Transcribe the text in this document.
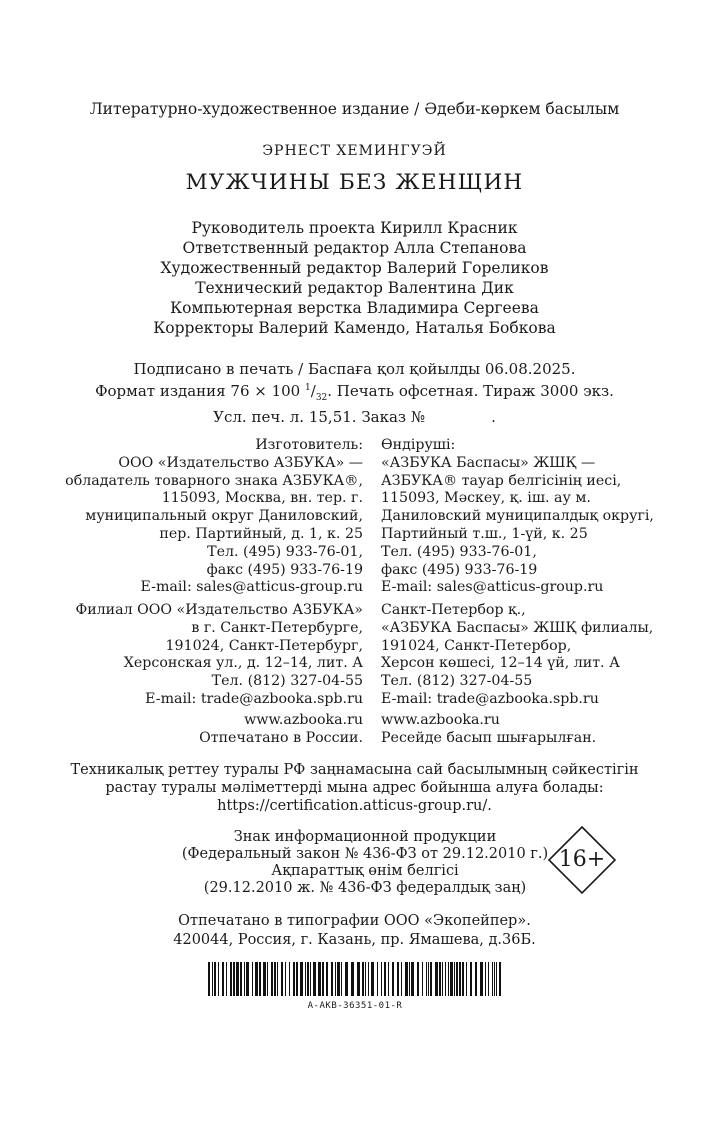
Литературно-художественное издание / Әдеби-көркем басылым
ЭРНЕСТ ХЕМИНГУЭЙ
МУЖЧИНЫ БЕЗ ЖЕНЩИН
Руководитель проекта Кирилл Красник
Ответственный редактор Алла Степанова
Художественный редактор Валерий Гореликов
Технический редактор Валентина Дик
Компьютерная верстка Владимира Сергеева
Корректоры Валерий Камендо, Наталья Бобкова
Подписано в печать / Баспаға қол қойылды 06.08.2025.
Формат издания 76 × 100 $^1/_{32}$. Печать офсетная. Тираж 3000 экз.
Усл. печ. л. 15,51. Заказ №	.
Изготовитель:
ООО «Издательство АЗБУКА» —
обладатель товарного знака АЗБУКА®,
115093, Москва, вн. тер. г.
муниципальный округ Даниловский,
пер. Партийный, д. 1, к. 25
Тел. (495) 933-76-01,
факс (495) 933-76-19
E-mail: sales@atticus-group.ru
Өндіруші:
«АЗБУКА Баспасы» ЖШҚ —
АЗБУКА® тауар белгісінің иесі,
115093, Мәскеу, қ. іш. ау м.
Даниловский муниципалдық округі,
Партийный т.ш., 1-үй, к. 25
Тел. (495) 933-76-01,
факс (495) 933-76-19
E-mail: sales@atticus-group.ru
Филиал ООО «Издательство АЗБУКА»
в г. Санкт-Петербурге,
191024, Санкт-Петербург,
Херсонская ул., д. 12–14, лит. А
Тел. (812) 327-04-55
E-mail: trade@azbooka.spb.ru
Санкт-Петербор қ.,
«АЗБУКА Баспасы» ЖШҚ филиалы,
191024, Санкт-Петербор,
Херсон көшесі, 12–14 үй, лит. А
Тел. (812) 327-04-55
E-mail: trade@azbooka.spb.ru
www.azbooka.ru
Отпечатано в России.
www.azbooka.ru
Ресейде басып шығарылған.
Техникалық реттеу туралы РФ заңнамасына сай басылымның сәйкестігін
растау туралы мәліметтерді мына адрес бойынша алуға болады:
https://certification.atticus-group.ru/.
Знак информационной продукции
(Федеральный закон № 436-ФЗ от 29.12.2010 г.)
Ақпараттық өнім белгісі
(29.12.2010 ж. № 436-ФЗ федералдық заң)
16+
Отпечатано в типографии ООО «Экопейпер».
420044, Россия, г. Казань, пр. Ямашева, д.36Б.
A-AKB-36351-01-R
